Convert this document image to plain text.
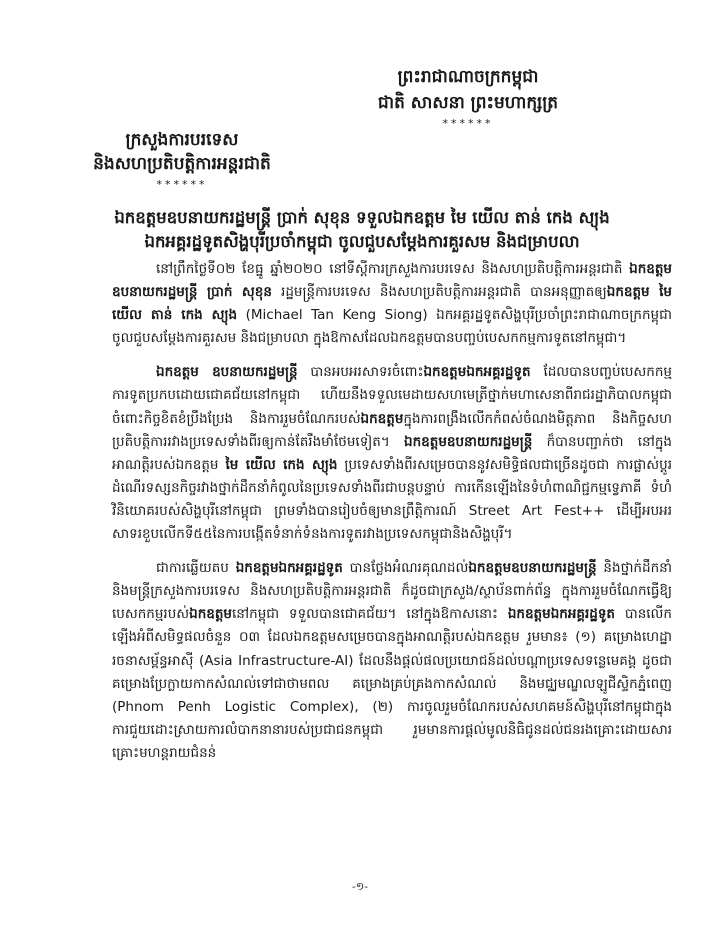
ព្រះរាជាណាចក្រកម្ពុជា
ជាតិ សាសនា ព្រះមហាក្សត្រ
******
ក្រសួងការបរទេស
និងសហប្រតិបត្តិការអន្តរជាតិ
******
ឯកឧត្តមឧបនាយករដ្ឋមន្ត្រី ប្រាក់ សុខុន ទទួលឯកឧត្តម មៃ យើល តាន់ កេង ស្យុង
ឯកអគ្គរដ្ឋទូតសិង្ហបុរីប្រចាំកម្ពុជា ចូលជួបសម្តែងការគួរសម និងជម្រាបលា

នៅព្រឹកថ្ងៃទី០២ ខែធ្នូ ឆ្នាំ២០២០ នៅទីស្តីការក្រសួងការបរទេស និងសហប្រតិបត្តិការអន្តរជាតិ ឯកឧត្តម ឧបនាយករដ្ឋមន្ត្រី ប្រាក់ សុខុន រដ្ឋមន្ត្រីការបរទេស និងសហប្រតិបត្តិការអន្តរជាតិ បានអនុញ្ញាតឲ្យឯកឧត្តម មៃ យើល តាន់ កេង ស្យុង (Michael Tan Keng Siong) ឯកអគ្គរដ្ឋទូតសិង្ហបុរីប្រចាំព្រះរាជាណាចក្រកម្ពុជា ចូលជួបសម្តែងការគួរសម និងជម្រាបលា ក្នុងឱកាសដែលឯកឧត្តមបានបញ្ចប់បេសកកម្មការទូតនៅកម្ពុជា។

ឯកឧត្តម ឧបនាយករដ្ឋមន្ត្រី បានអបអរសាទរចំពោះឯកឧត្តមឯកអគ្គរដ្ឋទូត ដែលបានបញ្ចប់បេសកកម្មការទូតប្រកបដោយជោគជ័យនៅកម្ពុជា ហើយនឹងទទួលមេដាយសហមេត្រីថ្នាក់មហាសេនាពីរាជរដ្ឋាភិបាលកម្ពុជា ចំពោះកិច្ចខិតខំប្រឹងប្រែង និងការរួមចំណែករបស់ឯកឧត្តមក្នុងការពង្រឹងលើកកំពស់ចំណងមិត្តភាព និងកិច្ចសហប្រតិបត្តិការរវាងប្រទេសទាំងពីរឲ្យកាន់តែរឹងមាំថែមទៀត។ ឯកឧត្តមឧបនាយករដ្ឋមន្ត្រី ក៏បានបញ្ជាក់ថា នៅក្នុងអាណត្តិរបស់ឯកឧត្តម មៃ យើល កេង ស្យុង ប្រទេសទាំងពីរសម្រេចបាននូវសមិទ្ធិផលជាច្រើនដូចជា ការផ្លាស់ប្តូរដំណើរទស្សនកិច្ចរវាងថ្នាក់ដឹកនាំកំពូលនៃប្រទេសទាំងពីរជាបន្តបន្ទាប់ ការកើនឡើងនៃទំហំពាណិជ្ជកម្មទ្វេភាគី ទំហំវិនិយោគរបស់សិង្ហបុរីនៅកម្ពុជា ព្រមទាំងបានរៀបចំឲ្យមានព្រឹត្តិការណ៍ Street Art Fest++ ដើម្បីអបអរសាទរខួបលើកទី៥៥នៃការបង្កើតទំនាក់ទំនងការទូតរវាងប្រទេសកម្ពុជានិងសិង្ហបុរី។

ជាការឆ្លើយតប ឯកឧត្តមឯកអគ្គរដ្ឋទូត បានថ្លែងអំណរគុណដល់ឯកឧត្តមឧបនាយករដ្ឋមន្ត្រី និងថ្នាក់ដឹកនាំ និងមន្ត្រីក្រសួងការបរទេស និងសហប្រតិបត្តិការអន្តរជាតិ ក៏ដូចជាក្រសួង/ស្ថាប័នពាក់ព័ន្ធ ក្នុងការរួមចំណែកធ្វើឱ្យបេសកកម្មរបស់ឯកឧត្តមនៅកម្ពុជា ទទួលបានជោគជ័យ។ នៅក្នុងឱកាសនោះ ឯកឧត្តមឯកអគ្គរដ្ឋទូត បានលើកឡើងអំពីសមិទ្ធផលចំនួន ០៣ ដែលឯកឧត្តមសម្រេចបានក្នុងអាណត្តិរបស់ឯកឧត្តម រួមមាន៖ (១) គម្រោងហេដ្ឋារចនាសម្ព័ន្ធអាស៊ី (Asia Infrastructure-AI) ដែលនឹងផ្តល់ផលប្រយោជន៍ដល់បណ្តាប្រទេសទន្លេមេគង្គ ដូចជា គម្រោងប្រែក្លាយកាកសំណល់ទៅជាថាមពល គម្រោងគ្រប់គ្រងកាកសំណល់ និងមជ្ឈមណ្ឌលឡូជីស្ទិកភ្នំពេញ (Phnom Penh Logistic Complex), (២) ការចូលរួមចំណែករបស់សហគមន៍សិង្ហបុរីនៅកម្ពុជាក្នុងការជួយដោះស្រាយការលំបាកនានារបស់ប្រជាជនកម្ពុជា រួមមានការផ្តល់មូលនិធិជូនដល់ជនរងគ្រោះដោយសារគ្រោះមហន្តរាយជំនន់

-១-
